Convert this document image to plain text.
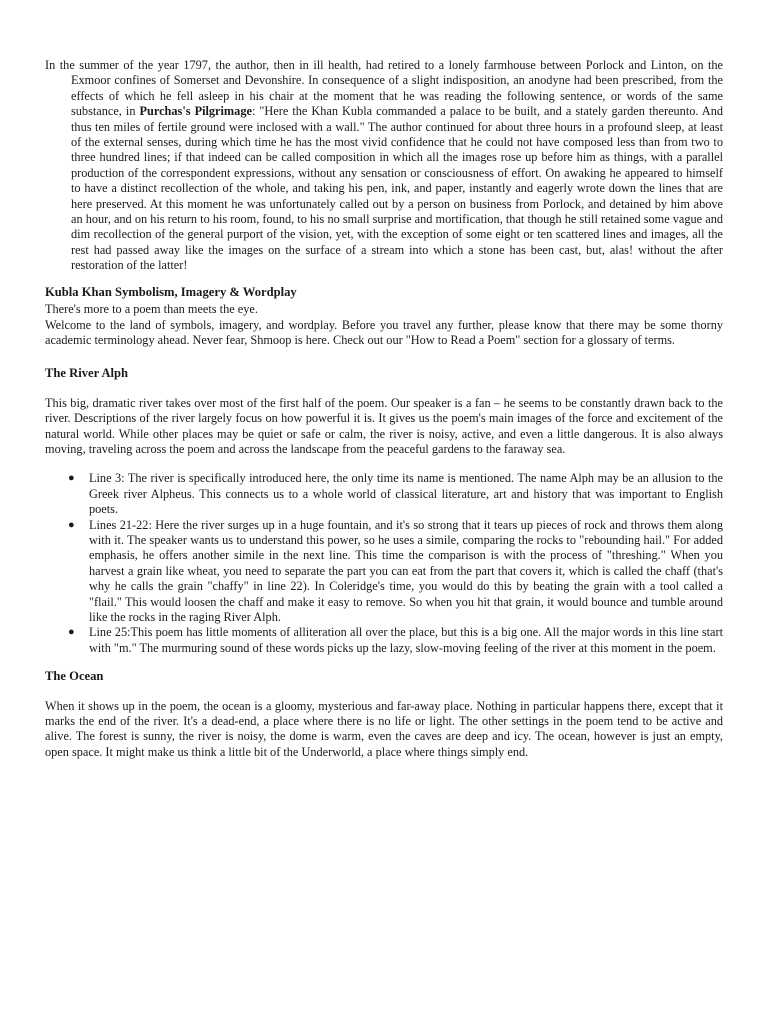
In the summer of the year 1797, the author, then in ill health, had retired to a lonely farmhouse between Porlock and Linton, on the Exmoor confines of Somerset and Devonshire. In consequence of a slight indisposition, an anodyne had been prescribed, from the effects of which he fell asleep in his chair at the moment that he was reading the following sentence, or words of the same substance, in Purchas's Pilgrimage: "Here the Khan Kubla commanded a palace to be built, and a stately garden thereunto. And thus ten miles of fertile ground were inclosed with a wall." The author continued for about three hours in a profound sleep, at least of the external senses, during which time he has the most vivid confidence that he could not have composed less than from two to three hundred lines; if that indeed can be called composition in which all the images rose up before him as things, with a parallel production of the correspondent expressions, without any sensation or consciousness of effort. On awaking he appeared to himself to have a distinct recollection of the whole, and taking his pen, ink, and paper, instantly and eagerly wrote down the lines that are here preserved. At this moment he was unfortunately called out by a person on business from Porlock, and detained by him above an hour, and on his return to his room, found, to his no small surprise and mortification, that though he still retained some vague and dim recollection of the general purport of the vision, yet, with the exception of some eight or ten scattered lines and images, all the rest had passed away like the images on the surface of a stream into which a stone has been cast, but, alas! without the after restoration of the latter!

Kubla Khan Symbolism, Imagery & Wordplay

There's more to a poem than meets the eye.

Welcome to the land of symbols, imagery, and wordplay. Before you travel any further, please know that there may be some thorny academic terminology ahead. Never fear, Shmoop is here. Check out our "How to Read a Poem" section for a glossary of terms.

The River Alph

This big, dramatic river takes over most of the first half of the poem. Our speaker is a fan – he seems to be constantly drawn back to the river. Descriptions of the river largely focus on how powerful it is. It gives us the poem's main images of the force and excitement of the natural world. While other places may be quiet or safe or calm, the river is noisy, active, and even a little dangerous. It is also always moving, traveling across the poem and across the landscape from the peaceful gardens to the faraway sea.

● Line 3: The river is specifically introduced here, the only time its name is mentioned. The name Alph may be an allusion to the Greek river Alpheus. This connects us to a whole world of classical literature, art and history that was important to English poets.
● Lines 21-22: Here the river surges up in a huge fountain, and it's so strong that it tears up pieces of rock and throws them along with it. The speaker wants us to understand this power, so he uses a simile, comparing the rocks to "rebounding hail." For added emphasis, he offers another simile in the next line. This time the comparison is with the process of "threshing." When you harvest a grain like wheat, you need to separate the part you can eat from the part that covers it, which is called the chaff (that's why he calls the grain "chaffy" in line 22). In Coleridge's time, you would do this by beating the grain with a tool called a "flail." This would loosen the chaff and make it easy to remove. So when you hit that grain, it would bounce and tumble around like the rocks in the raging River Alph.
● Line 25:This poem has little moments of alliteration all over the place, but this is a big one. All the major words in this line start with "m." The murmuring sound of these words picks up the lazy, slow-moving feeling of the river at this moment in the poem.
The Ocean

When it shows up in the poem, the ocean is a gloomy, mysterious and far-away place. Nothing in particular happens there, except that it marks the end of the river. It's a dead-end, a place where there is no life or light. The other settings in the poem tend to be active and alive. The forest is sunny, the river is noisy, the dome is warm, even the caves are deep and icy. The ocean, however is just an empty, open space. It might make us think a little bit of the Underworld, a place where things simply end.
